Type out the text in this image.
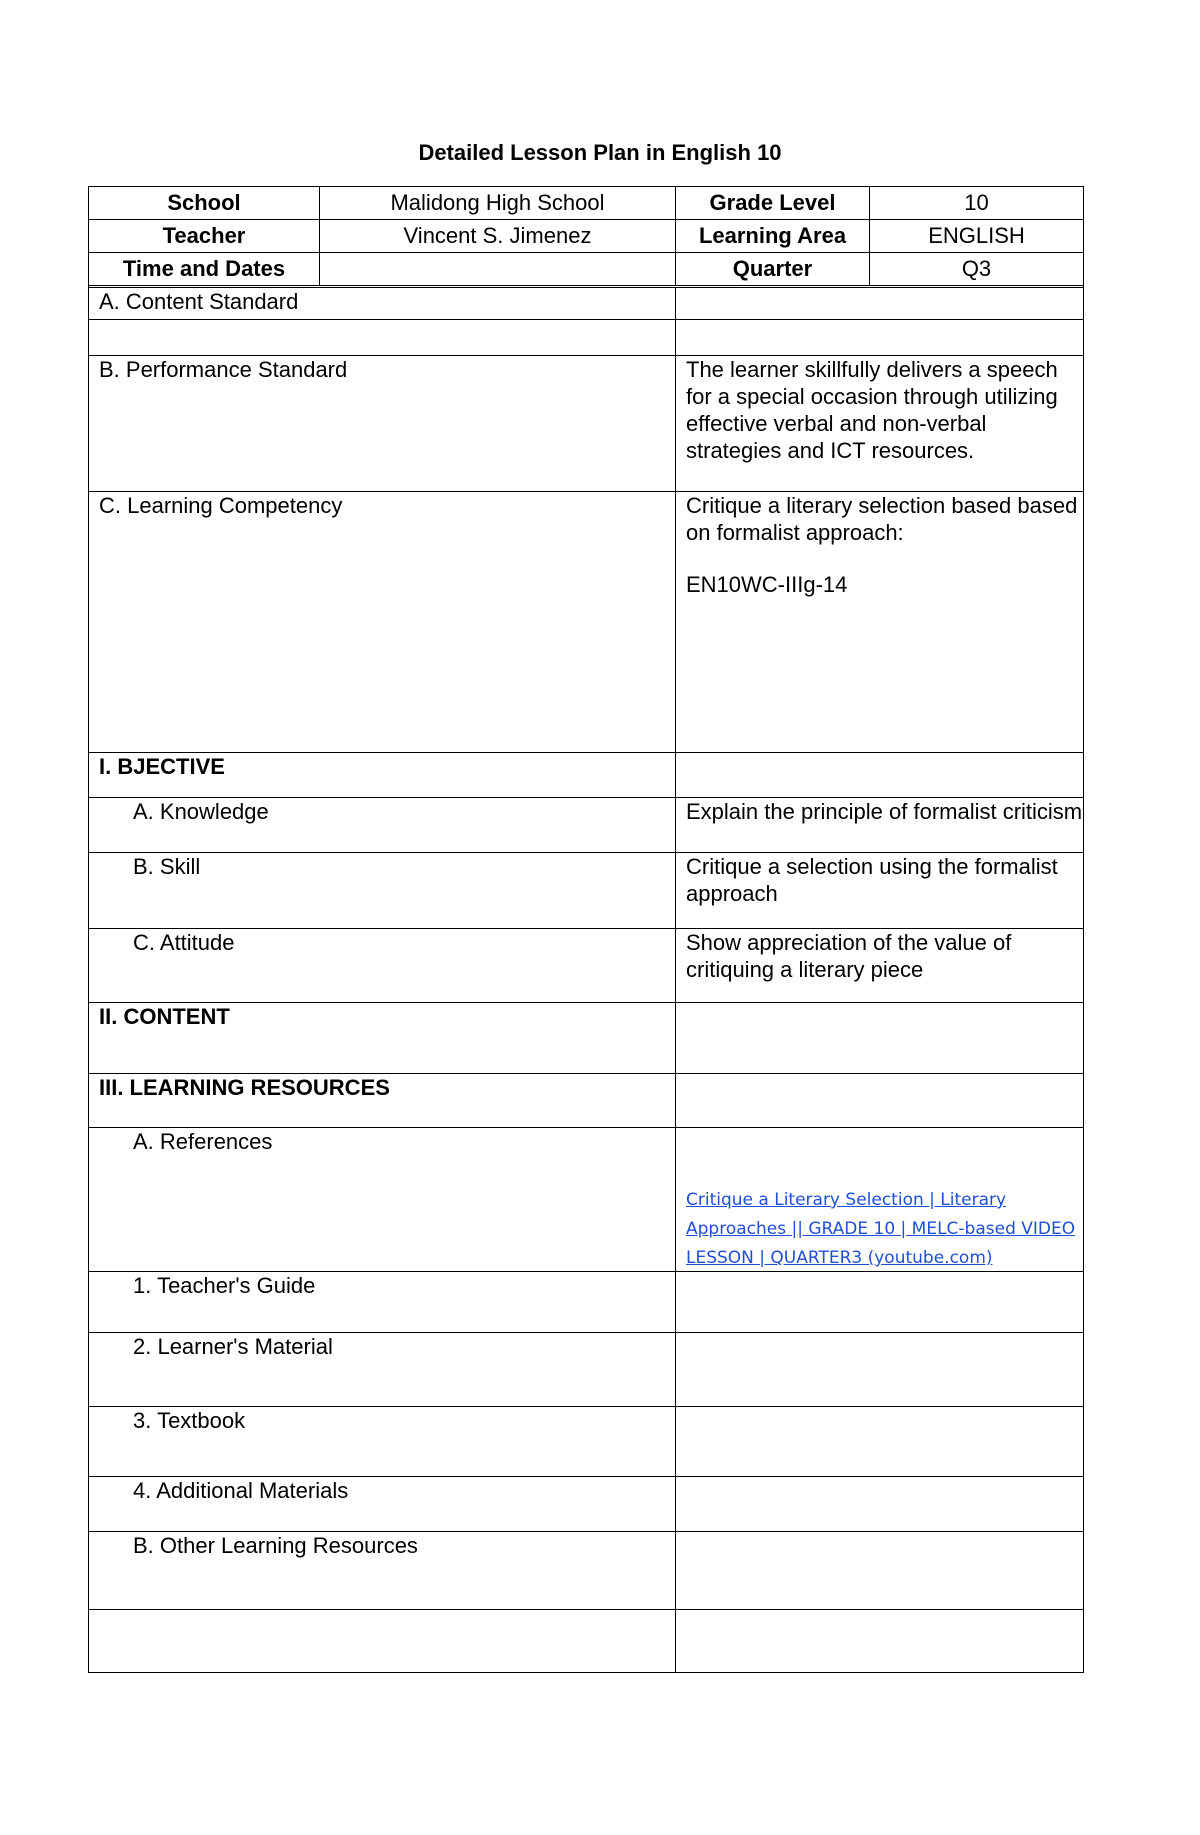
Detailed Lesson Plan in English 10
School	Malidong High School	Grade Level	10
Teacher	Vincent S. Jimenez	Learning Area	ENGLISH
Time and Dates		Quarter	Q3

A. Content Standard	
B. Performance Standard	The learner skillfully delivers a speech for a special occasion through utilizing effective verbal and non-verbal strategies and ICT resources.
C. Learning Competency	Critique a literary selection based based on formalist approach:
EN10WC-IIIg-14

I. BJECTIVE	
A. Knowledge	Explain the principle of formalist criticism
B. Skill	Critique a selection using the formalist approach
C. Attitude	Show appreciation of the value of critiquing a literary piece
II. CONTENT	
III. LEARNING RESOURCES	
A. References	Critique a Literary Selection | Literary Approaches || GRADE 10 | MELC-based VIDEO LESSON | QUARTER3 (youtube.com)

1. Teacher's Guide	
2. Learner's Material	
3. Textbook	
4. Additional Materials	
B. Other Learning Resources	
